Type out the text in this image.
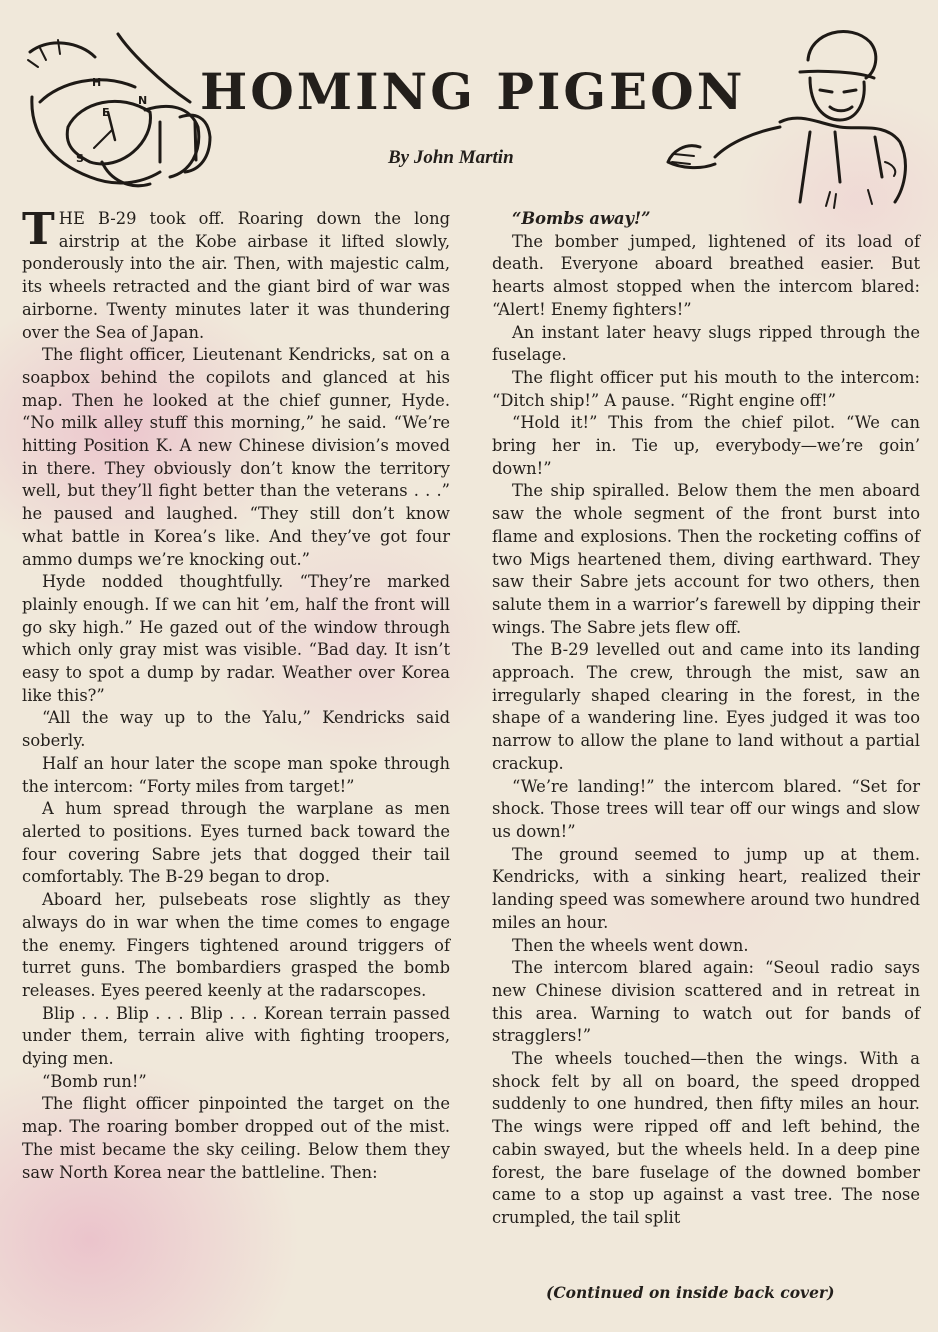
H
N
E
S
HOMING PIGEON
By John Martin

THE B-29 took off. Roaring down the long airstrip at the Kobe airbase it lifted slowly, ponderously into the air. Then, with majestic calm, its wheels retracted and the giant bird of war was airborne. Twenty minutes later it was thundering over the Sea of Japan.

The flight officer, Lieutenant Kendricks, sat on a soapbox behind the copilots and glanced at his map. Then he looked at the chief gunner, Hyde. “No milk alley stuff this morning,” he said. “We’re hitting Position K. A new Chinese division’s moved in there. They obviously don’t know the territory well, but they’ll fight better than the veterans . . .” he paused and laughed. “They still don’t know what battle in Korea’s like. And they’ve got four ammo dumps we’re knocking out.”

Hyde nodded thoughtfully. “They’re marked plainly enough. If we can hit ’em, half the front will go sky high.” He gazed out of the window through which only gray mist was visible. “Bad day. It isn’t easy to spot a dump by radar. Weather over Korea like this?”

“All the way up to the Yalu,” Kendricks said soberly.

Half an hour later the scope man spoke through the intercom: “Forty miles from target!”

A hum spread through the warplane as men alerted to positions. Eyes turned back toward the four covering Sabre jets that dogged their tail comfortably. The B-29 began to drop.

Aboard her, pulsebeats rose slightly as they always do in war when the time comes to engage the enemy. Fingers tightened around triggers of turret guns. The bombardiers grasped the bomb releases. Eyes peered keenly at the radarscopes.

Blip . . . Blip . . . Blip . . . Korean terrain passed under them, terrain alive with fighting troopers, dying men.

“Bomb run!”

The flight officer pinpointed the target on the map. The roaring bomber dropped out of the mist. The mist became the sky ceiling. Below them they saw North Korea near the battleline. Then:

“Bombs away!”

The bomber jumped, lightened of its load of death. Everyone aboard breathed easier. But hearts almost stopped when the intercom blared: “Alert! Enemy fighters!”

An instant later heavy slugs ripped through the fuselage.

The flight officer put his mouth to the intercom: “Ditch ship!” A pause. “Right engine off!”

“Hold it!” This from the chief pilot. “We can bring her in. Tie up, everybody—we’re goin’ down!”

The ship spiralled. Below them the men aboard saw the whole segment of the front burst into flame and explosions. Then the rocketing coffins of two Migs heartened them, diving earthward. They saw their Sabre jets account for two others, then salute them in a warrior’s farewell by dipping their wings. The Sabre jets flew off.

The B-29 levelled out and came into its landing approach. The crew, through the mist, saw an irregularly shaped clearing in the forest, in the shape of a wandering line. Eyes judged it was too narrow to allow the plane to land without a partial crackup.

“We’re landing!” the intercom blared. “Set for shock. Those trees will tear off our wings and slow us down!”

The ground seemed to jump up at them. Kendricks, with a sinking heart, realized their landing speed was somewhere around two hundred miles an hour.

Then the wheels went down.

The intercom blared again: “Seoul radio says new Chinese division scattered and in retreat in this area. Warning to watch out for bands of stragglers!”

The wheels touched—then the wings. With a shock felt by all on board, the speed dropped suddenly to one hundred, then fifty miles an hour. The wings were ripped off and left behind, the cabin swayed, but the wheels held. In a deep pine forest, the bare fuselage of the downed bomber came to a stop up against a vast tree. The nose crumpled, the tail split

(Continued on inside back cover)
